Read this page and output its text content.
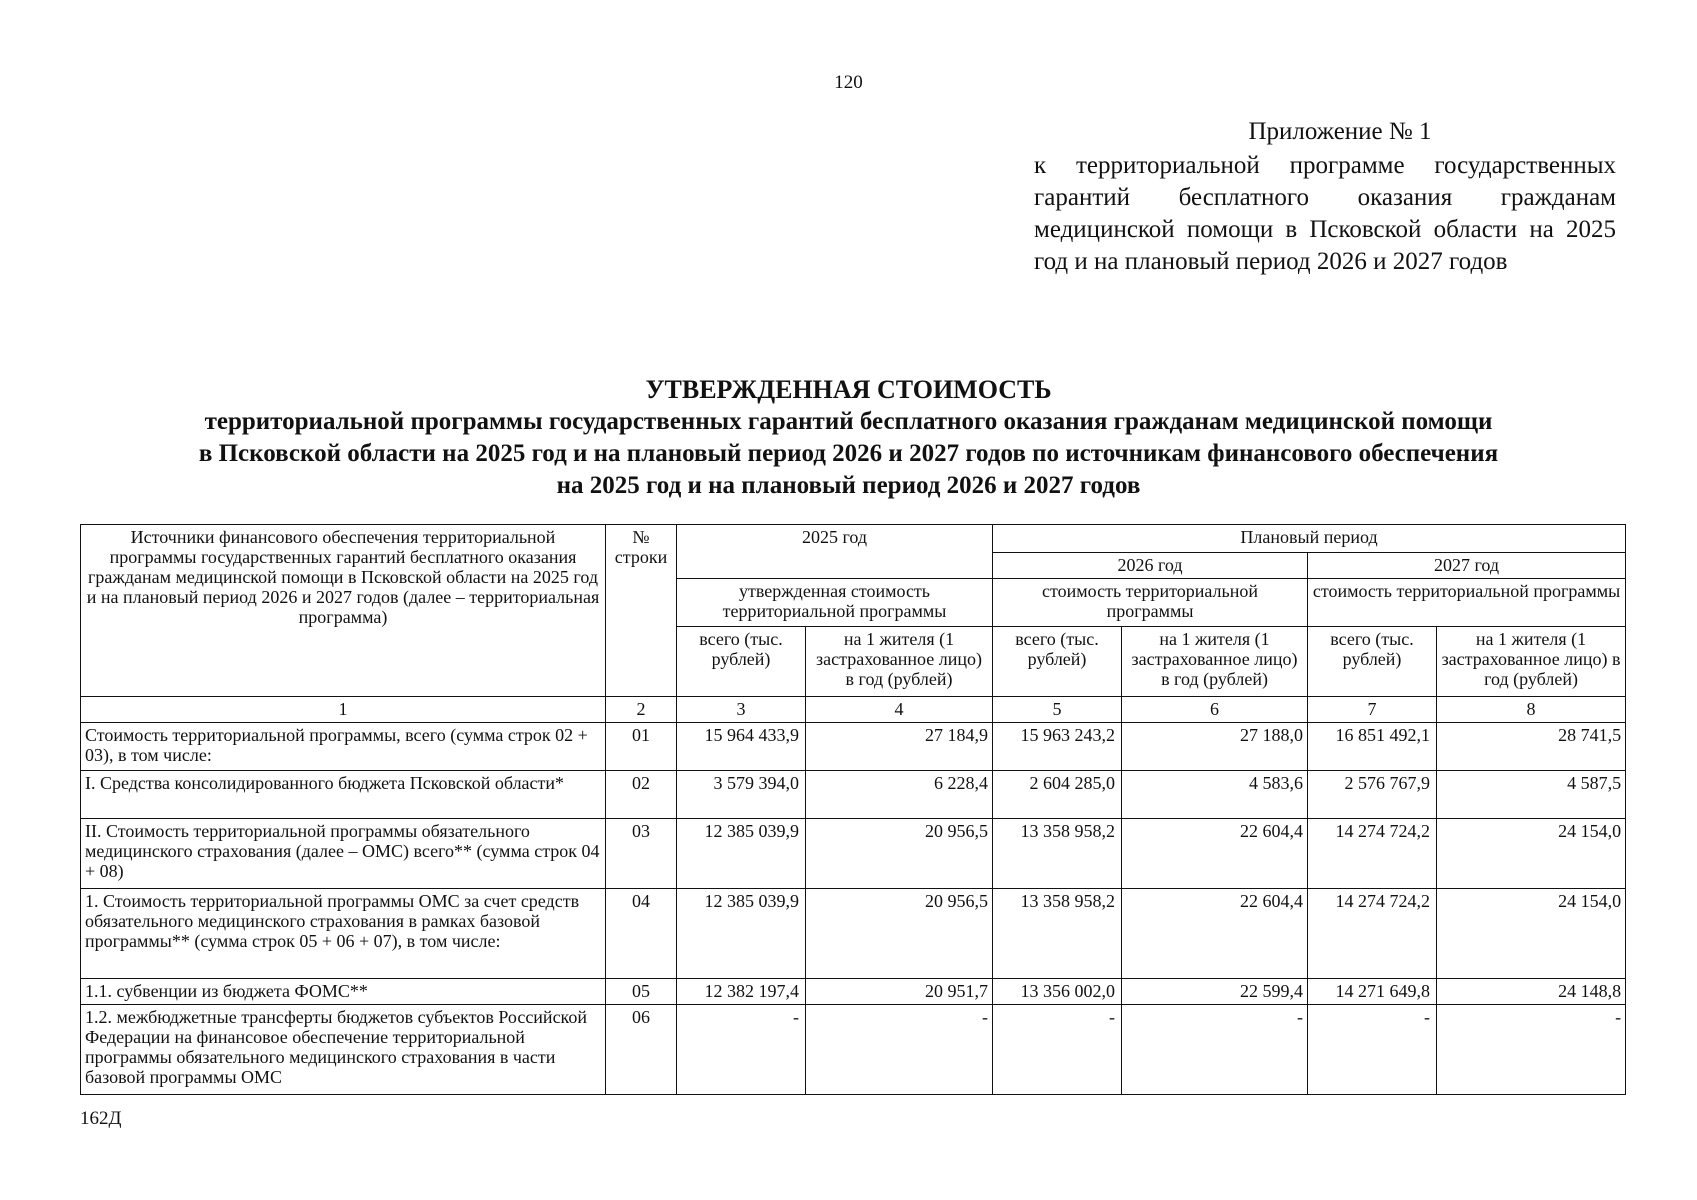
120
Приложение № 1
к территориальной программе государственных гарантий бесплатного оказания гражданам медицинской помощи в Псковской области на 2025 год и на плановый период 2026 и 2027 годов
УТВЕРЖДЕННАЯ СТОИМОСТЬ
территориальной программы государственных гарантий бесплатного оказания гражданам медицинской помощи
в Псковской области на 2025 год и на плановый период 2026 и 2027 годов по источникам финансового обеспечения
на 2025 год и на плановый период 2026 и 2027 годов
Источники финансового обеспечения территориальной программы государственных гарантий бесплатного оказания гражданам медицинской помощи в Псковской области на 2025 год и на плановый период 2026 и 2027 годов (далее – территориальная программа)	№ строки	2025 год		Плановый период			
				2026 год		2027 год	
		утвержденная стоимость территориальной программы		стоимость территориальной программы		стоимость территориальной программы	
		всего (тыс. рублей)	на 1 жителя (1 застрахованное лицо) в год (рублей)	всего (тыс. рублей)	на 1 жителя (1 застрахованное лицо) в год (рублей)	всего (тыс. рублей)	на 1 жителя (1 застрахованное лицо) в год (рублей)
1	2	3	4	5	6	7	8
Стоимость территориальной программы, всего (сумма строк 02 + 03), в том числе:	01	15 964 433,9	27 184,9	15 963 243,2	27 188,0	16 851 492,1	28 741,5
I. Средства консолидированного бюджета Псковской области*	02	3 579 394,0	6 228,4	2 604 285,0	4 583,6	2 576 767,9	4 587,5
II. Стоимость территориальной программы обязательного медицинского страхования (далее – ОМС) всего** (сумма строк 04 + 08)	03	12 385 039,9	20 956,5	13 358 958,2	22 604,4	14 274 724,2	24 154,0
1. Стоимость территориальной программы ОМС за счет средств обязательного медицинского страхования в рамках базовой программы** (сумма строк 05 + 06 + 07), в том числе:	04	12 385 039,9	20 956,5	13 358 958,2	22 604,4	14 274 724,2	24 154,0
1.1. субвенции из бюджета ФОМС**	05	12 382 197,4	20 951,7	13 356 002,0	22 599,4	14 271 649,8	24 148,8
1.2. межбюджетные трансферты бюджетов субъектов Российской Федерации на финансовое обеспечение территориальной программы обязательного медицинского страхования в части базовой программы ОМС	06	-	-	-	-	-	-
162Д
